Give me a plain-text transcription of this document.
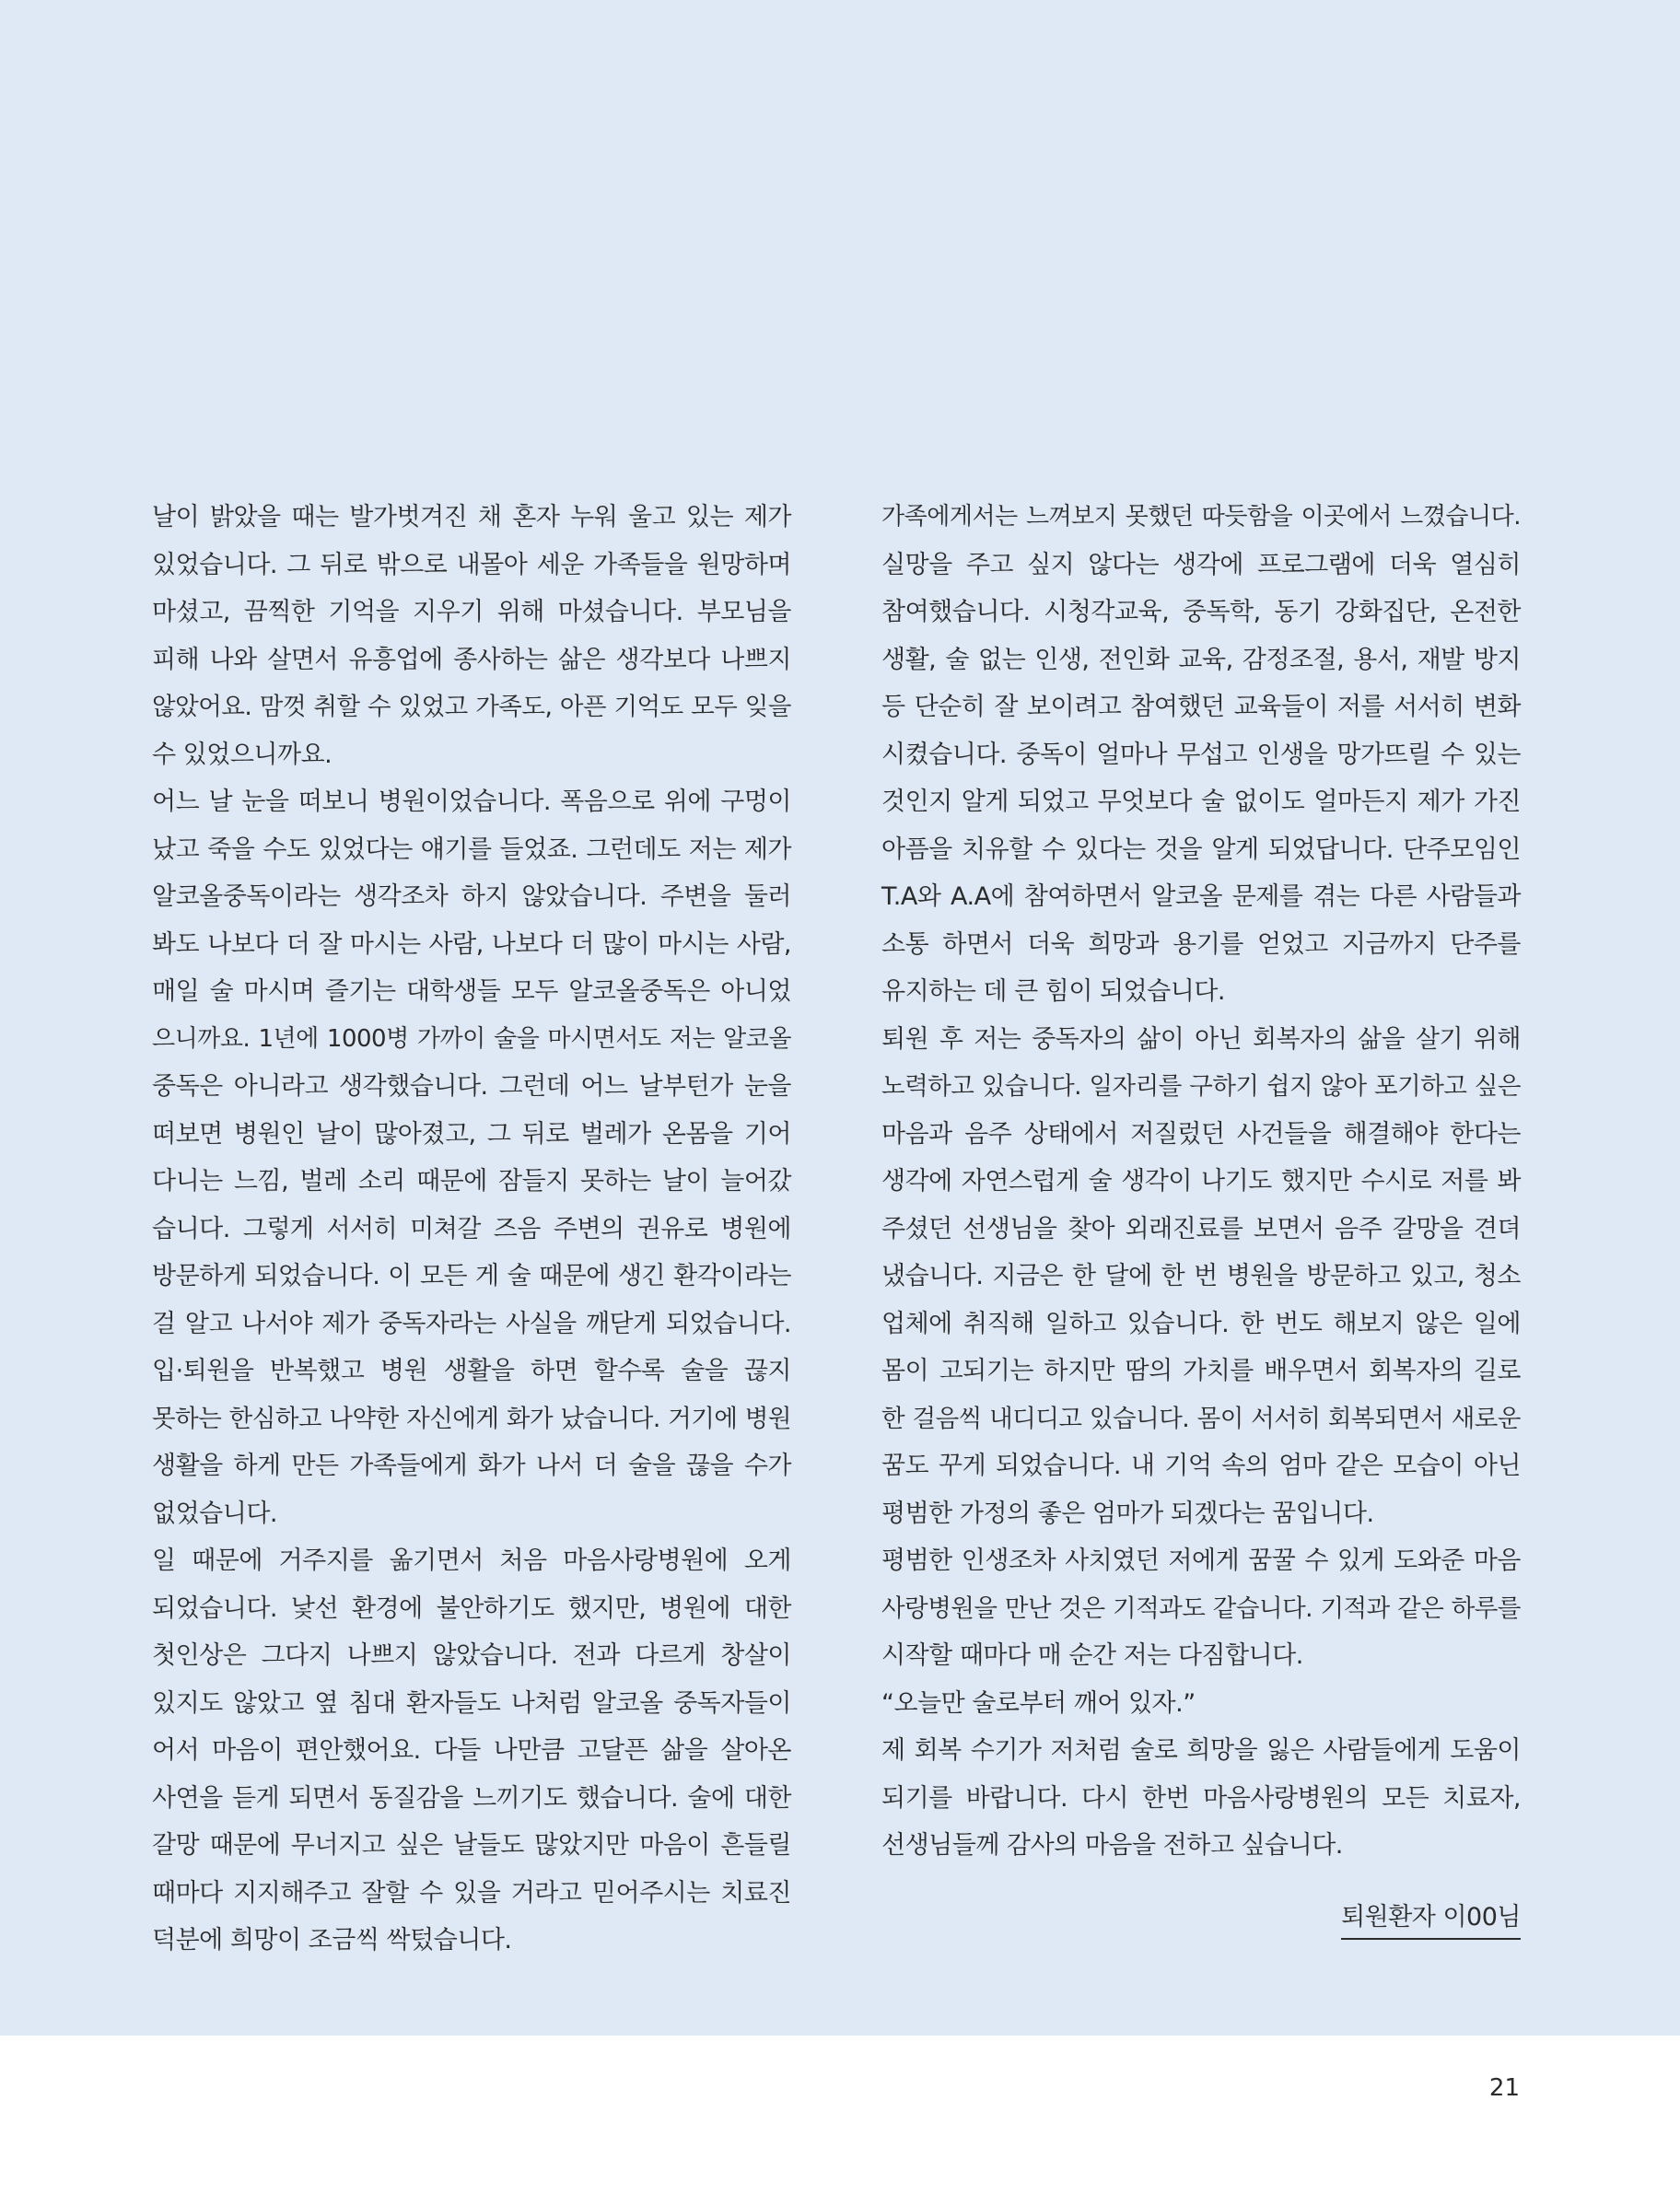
날이 밝았을 때는 발가벗겨진 채 혼자 누워 울고 있는 제가
있었습니다. 그 뒤로 밖으로 내몰아 세운 가족들을 원망하며
마셨고, 끔찍한 기억을 지우기 위해 마셨습니다. 부모님을
피해 나와 살면서 유흥업에 종사하는 삶은 생각보다 나쁘지
않았어요. 맘껏 취할 수 있었고 가족도, 아픈 기억도 모두 잊을
수 있었으니까요.
어느 날 눈을 떠보니 병원이었습니다. 폭음으로 위에 구멍이
났고 죽을 수도 있었다는 얘기를 들었죠. 그런데도 저는 제가
알코올중독이라는 생각조차 하지 않았습니다. 주변을 둘러
봐도 나보다 더 잘 마시는 사람, 나보다 더 많이 마시는 사람,
매일 술 마시며 즐기는 대학생들 모두 알코올중독은 아니었
으니까요. 1년에 1000병 가까이 술을 마시면서도 저는 알코올
중독은 아니라고 생각했습니다. 그런데 어느 날부턴가 눈을
떠보면 병원인 날이 많아졌고, 그 뒤로 벌레가 온몸을 기어
다니는 느낌, 벌레 소리 때문에 잠들지 못하는 날이 늘어갔
습니다. 그렇게 서서히 미쳐갈 즈음 주변의 권유로 병원에
방문하게 되었습니다. 이 모든 게 술 때문에 생긴 환각이라는
걸 알고 나서야 제가 중독자라는 사실을 깨닫게 되었습니다.
입·퇴원을 반복했고 병원 생활을 하면 할수록 술을 끊지
못하는 한심하고 나약한 자신에게 화가 났습니다. 거기에 병원
생활을 하게 만든 가족들에게 화가 나서 더 술을 끊을 수가
없었습니다.
일 때문에 거주지를 옮기면서 처음 마음사랑병원에 오게
되었습니다. 낯선 환경에 불안하기도 했지만, 병원에 대한
첫인상은 그다지 나쁘지 않았습니다. 전과 다르게 창살이
있지도 않았고 옆 침대 환자들도 나처럼 알코올 중독자들이
어서 마음이 편안했어요. 다들 나만큼 고달픈 삶을 살아온
사연을 듣게 되면서 동질감을 느끼기도 했습니다. 술에 대한
갈망 때문에 무너지고 싶은 날들도 많았지만 마음이 흔들릴
때마다 지지해주고 잘할 수 있을 거라고 믿어주시는 치료진
덕분에 희망이 조금씩 싹텄습니다.
가족에게서는 느껴보지 못했던 따듯함을 이곳에서 느꼈습니다.
실망을 주고 싶지 않다는 생각에 프로그램에 더욱 열심히
참여했습니다. 시청각교육, 중독학, 동기 강화집단, 온전한
생활, 술 없는 인생, 전인화 교육, 감정조절, 용서, 재발 방지
등 단순히 잘 보이려고 참여했던 교육들이 저를 서서히 변화
시켰습니다. 중독이 얼마나 무섭고 인생을 망가뜨릴 수 있는
것인지 알게 되었고 무엇보다 술 없이도 얼마든지 제가 가진
아픔을 치유할 수 있다는 것을 알게 되었답니다. 단주모임인
T.A와 A.A에 참여하면서 알코올 문제를 겪는 다른 사람들과
소통 하면서 더욱 희망과 용기를 얻었고 지금까지 단주를
유지하는 데 큰 힘이 되었습니다.
퇴원 후 저는 중독자의 삶이 아닌 회복자의 삶을 살기 위해
노력하고 있습니다. 일자리를 구하기 쉽지 않아 포기하고 싶은
마음과 음주 상태에서 저질렀던 사건들을 해결해야 한다는
생각에 자연스럽게 술 생각이 나기도 했지만 수시로 저를 봐
주셨던 선생님을 찾아 외래진료를 보면서 음주 갈망을 견뎌
냈습니다. 지금은 한 달에 한 번 병원을 방문하고 있고, 청소
업체에 취직해 일하고 있습니다. 한 번도 해보지 않은 일에
몸이 고되기는 하지만 땀의 가치를 배우면서 회복자의 길로
한 걸음씩 내디디고 있습니다. 몸이 서서히 회복되면서 새로운
꿈도 꾸게 되었습니다. 내 기억 속의 엄마 같은 모습이 아닌
평범한 가정의 좋은 엄마가 되겠다는 꿈입니다.
평범한 인생조차 사치였던 저에게 꿈꿀 수 있게 도와준 마음
사랑병원을 만난 것은 기적과도 같습니다. 기적과 같은 하루를
시작할 때마다 매 순간 저는 다짐합니다.
“오늘만 술로부터 깨어 있자.”
제 회복 수기가 저처럼 술로 희망을 잃은 사람들에게 도움이
되기를 바랍니다. 다시 한번 마음사랑병원의 모든 치료자,
선생님들께 감사의 마음을 전하고 싶습니다.
퇴원환자 이00님
21
